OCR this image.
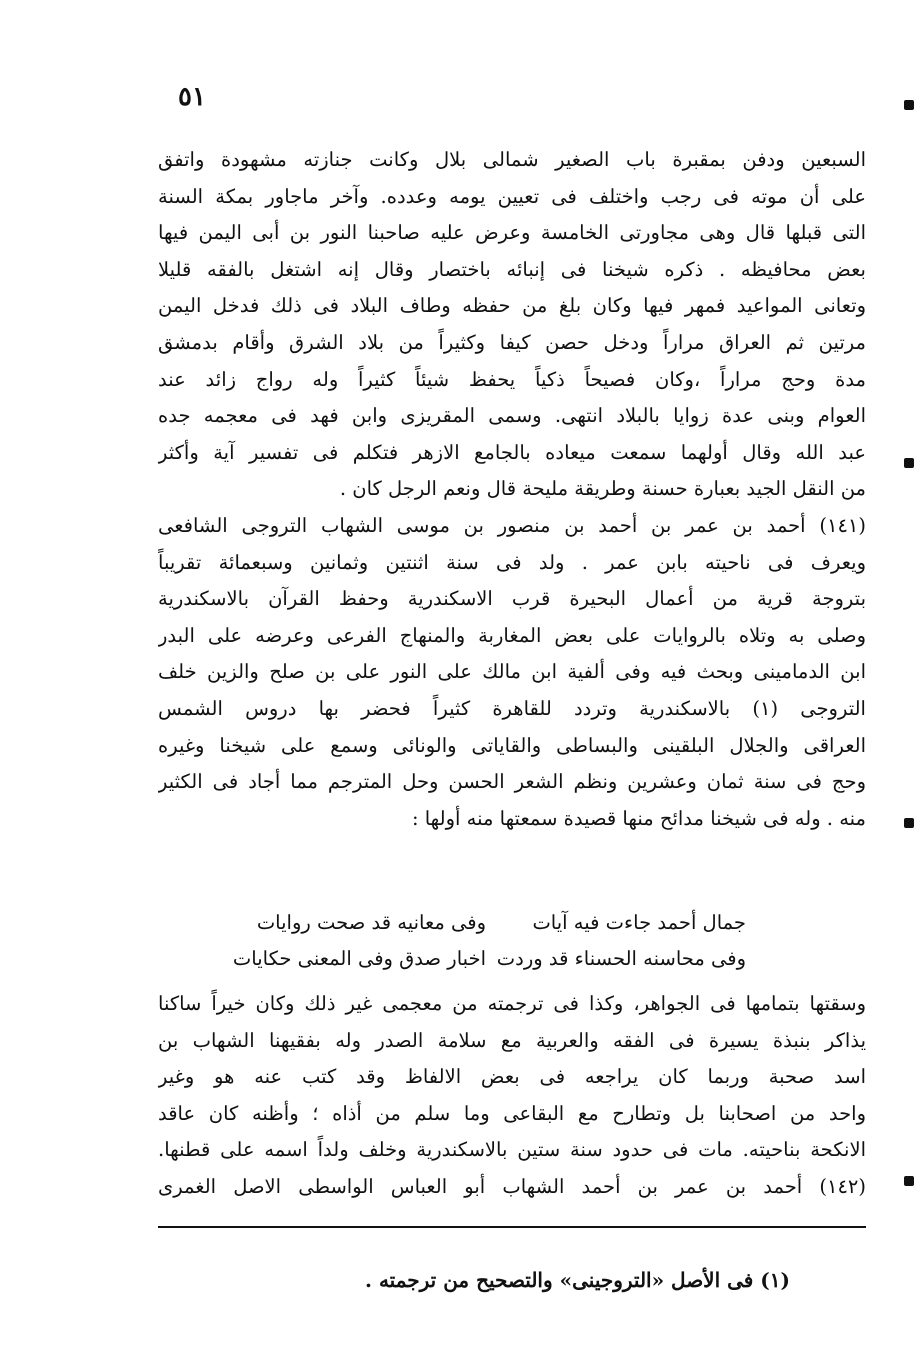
٥١
السبعين ودفن بمقبرة باب الصغير شمالى بلال وكانت جنازته مشهودة واتفق
على أن موته فى رجب واختلف فى تعيين يومه وعدده. وآخر ماجاور بمكة السنة
التى قبلها قال وهى مجاورتى الخامسة وعرض عليه صاحبنا النور بن أبى اليمن فيها
بعض محافيظه . ذكره شيخنا فى إنبائه باختصار وقال إنه اشتغل بالفقه قليلا
وتعانى المواعيد فمهر فيها وكان بلغ من حفظه وطاف البلاد فى ذلك فدخل اليمن
مرتين ثم العراق مراراً ودخل حصن كيفا وكثيراً من بلاد الشرق وأقام بدمشق
مدة وحج مراراً ،وكان فصيحاً ذكياً يحفظ شيئاً كثيراً وله رواج زائد عند
العوام وبنى عدة زوايا بالبلاد انتهى. وسمى المقريزى وابن فهد فى معجمه جده
عبد الله وقال أولهما سمعت ميعاده بالجامع الازهر فتكلم فى تفسير آية وأكثر
من النقل الجيد بعبارة حسنة وطريقة مليحة قال ونعم الرجل كان .
(١٤١) أحمد بن عمر بن أحمد بن منصور بن موسى الشهاب التروجى الشافعى
ويعرف فى ناحيته بابن عمر . ولد فى سنة اثنتين وثمانين وسبعمائة تقريباً
بتروجة قرية من أعمال البحيرة قرب الاسكندرية وحفظ القرآن بالاسكندرية
وصلى به وتلاه بالروايات على بعض المغاربة والمنهاج الفرعى وعرضه على البدر
ابن الدمامينى وبحث فيه وفى ألفية ابن مالك على النور على بن صلح والزين خلف
التروجى (١) بالاسكندرية وتردد للقاهرة كثيراً فحضر بها دروس الشمس
العراقى والجلال البلقينى والبساطى والقاياتى والونائى وسمع على شيخنا وغيره
وحج فى سنة ثمان وعشرين ونظم الشعر الحسن وحل المترجم مما أجاد فى الكثير
منه . وله فى شيخنا مدائح منها قصيدة سمعتها منه أولها :
جمال أحمد جاءت فيه آيات
وفى معانيه قد صحت روايات
وفى محاسنه الحسناء قد وردت
اخبار صدق وفى المعنى حكايات
وسقتها بتمامها فى الجواهر، وكذا فى ترجمته من معجمى غير ذلك وكان خيراً ساكنا
يذاكر بنبذة يسيرة فى الفقه والعربية مع سلامة الصدر وله بفقيهنا الشهاب بن
اسد صحبة وربما كان يراجعه فى بعض الالفاظ وقد كتب عنه هو وغير
واحد من اصحابنا بل وتطارح مع البقاعى وما سلم من أذاه ؛ وأظنه كان عاقد
الانكحة بناحيته. مات فى حدود سنة ستين بالاسكندرية وخلف ولداً اسمه على قطنها.
(١٤٢) أحمد بن عمر بن أحمد الشهاب أبو العباس الواسطى الاصل الغمرى
(١) فى الأصل «التروجينى» والتصحيح من ترجمته .
